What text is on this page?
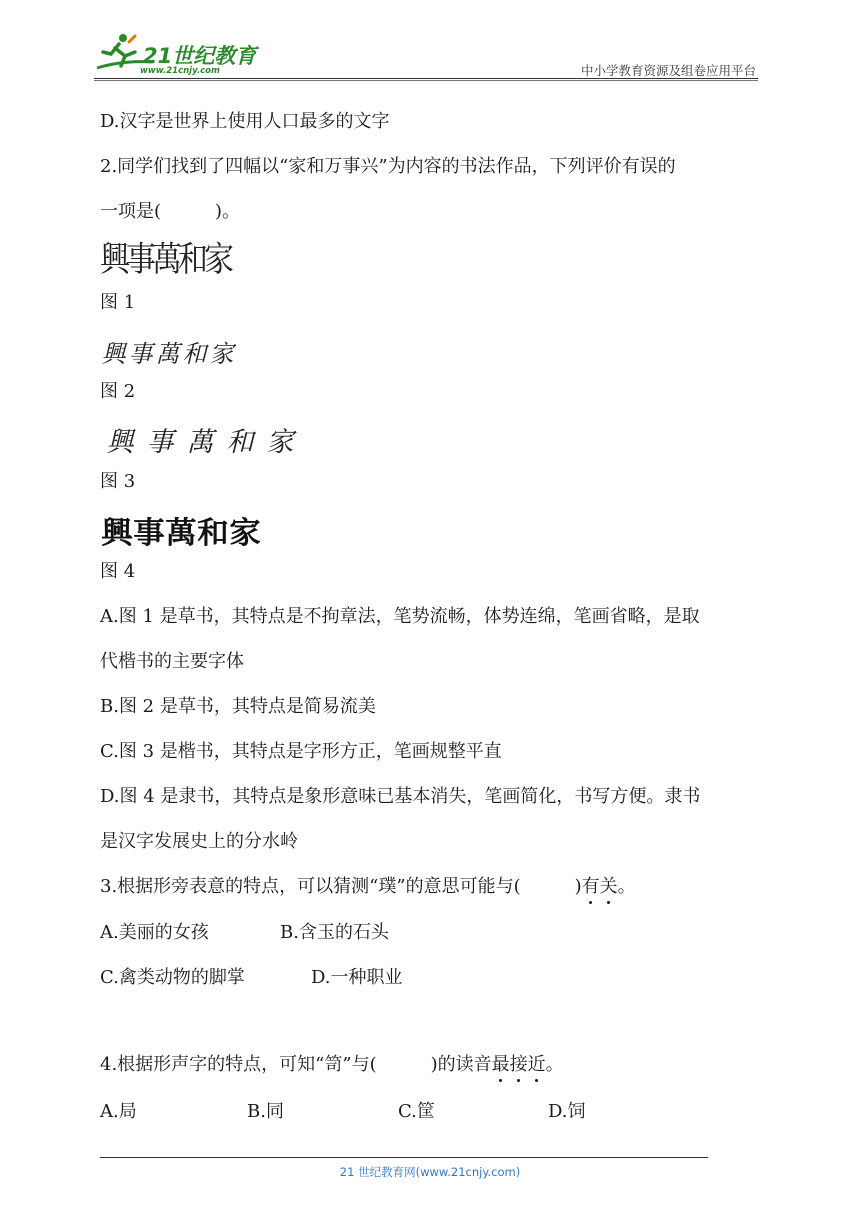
21世纪教育
www.21cnjy.com	中小学教育资源及组卷应用平台
D.汉字是世界上使用人口最多的文字
2.同学们找到了四幅以“家和万事兴”为内容的书法作品，下列评价有误的
一项是(　　　)。
興事萬和家
图 1
興 事 萬 和 家
图 2
興 事 萬 和 家
图 3
興事萬和家
图 4
A.图 1 是草书，其特点是不拘章法，笔势流畅，体势连绵，笔画省略，是取
代楷书的主要字体
B.图 2 是草书，其特点是简易流美
C.图 3 是楷书，其特点是字形方正，笔画规整平直
D.图 4 是隶书，其特点是象形意味已基本消失，笔画简化，书写方便。隶书
是汉字发展史上的分水岭
3.根据形旁表意的特点，可以猜测“璞”的意思可能与(　　　)有关。
A.美丽的女孩	B.含玉的石头
C.禽类动物的脚掌	D.一种职业
4.根据形声字的特点，可知“笥”与(　　　)的读音最接近。
A.局	B.同	C.筐	D.饲
21 世纪教育网(www.21cnjy.com)
